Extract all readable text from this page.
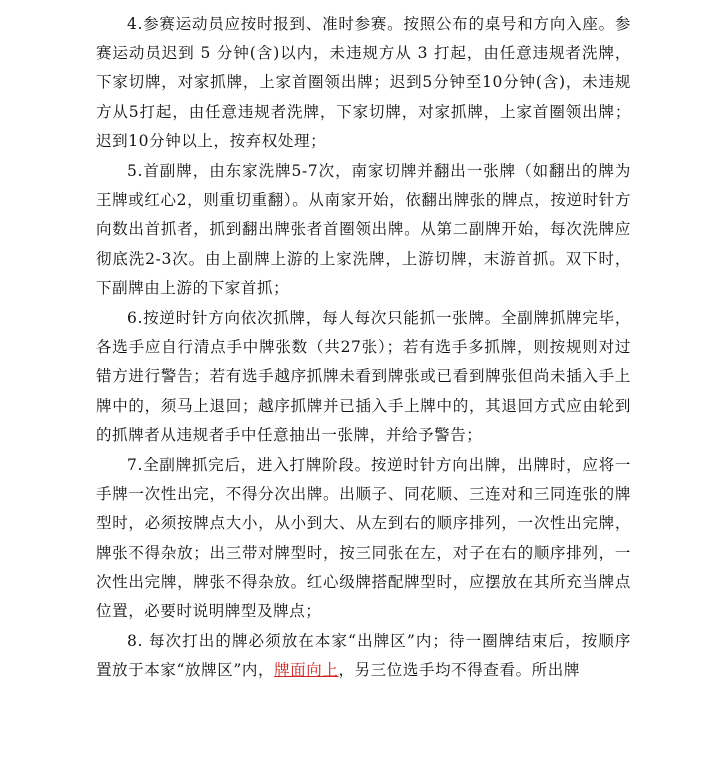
4.参赛运动员应按时报到、准时参赛。按照公布的桌号和方向入座。参赛运动员迟到 5 分钟(含)以内，未违规方从 3 打起，由任意违规者洗牌，下家切牌，对家抓牌，上家首圈领出牌；迟到5分钟至10分钟(含)，未违规方从5打起，由任意违规者洗牌，下家切牌，对家抓牌，上家首圈领出牌；迟到10分钟以上，按弃权处理；

5.首副牌，由东家洗牌5-7次，南家切牌并翻出一张牌（如翻出的牌为王牌或红心2，则重切重翻）。从南家开始，依翻出牌张的牌点，按逆时针方向数出首抓者，抓到翻出牌张者首圈领出牌。从第二副牌开始，每次洗牌应彻底洗2-3次。由上副牌上游的上家洗牌，上游切牌，末游首抓。双下时，下副牌由上游的下家首抓；

6.按逆时针方向依次抓牌，每人每次只能抓一张牌。全副牌抓牌完毕，各选手应自行清点手中牌张数（共27张）；若有选手多抓牌，则按规则对过错方进行警告；若有选手越序抓牌未看到牌张或已看到牌张但尚未插入手上牌中的，须马上退回；越序抓牌并已插入手上牌中的，其退回方式应由轮到的抓牌者从违规者手中任意抽出一张牌，并给予警告；

7.全副牌抓完后，进入打牌阶段。按逆时针方向出牌，出牌时，应将一手牌一次性出完，不得分次出牌。出顺子、同花顺、三连对和三同连张的牌型时，必须按牌点大小，从小到大、从左到右的顺序排列，一次性出完牌，牌张不得杂放；出三带对牌型时，按三同张在左，对子在右的顺序排列，一次性出完牌，牌张不得杂放。红心级牌搭配牌型时，应摆放在其所充当牌点位置，必要时说明牌型及牌点；

8. 每次打出的牌必须放在本家“出牌区”内；待一圈牌结束后，按顺序置放于本家“放牌区”内，牌面向上，另三位选手均不得查看。所出牌
